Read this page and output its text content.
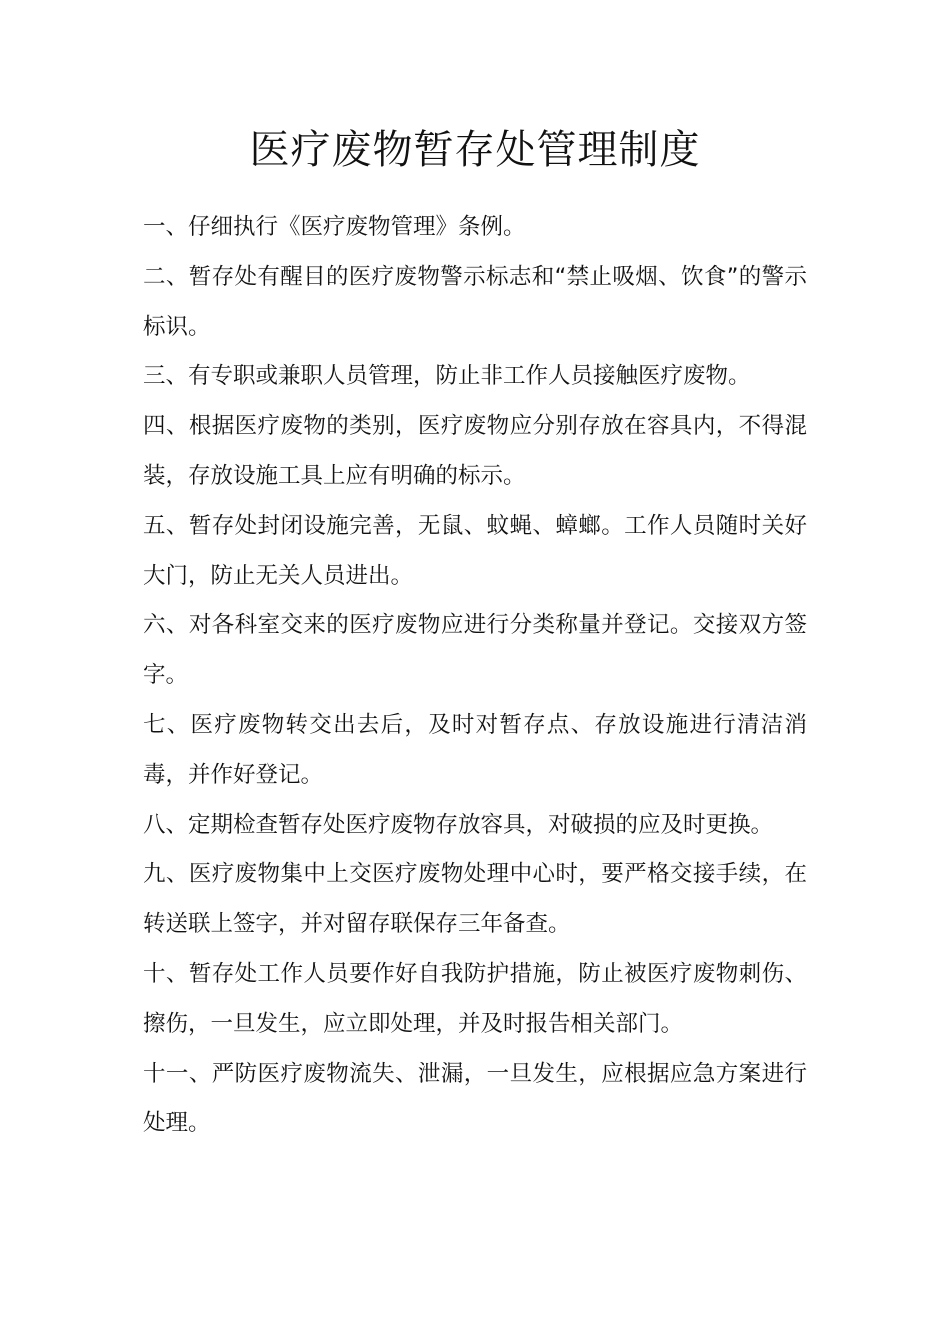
医疗废物暂存处管理制度

一、仔细执行《医疗废物管理》条例。

二、暂存处有醒目的医疗废物警示标志和“禁止吸烟、饮食”的警示标识。

三、有专职或兼职人员管理，防止非工作人员接触医疗废物。

四、根据医疗废物的类别，医疗废物应分别存放在容具内，不得混装，存放设施工具上应有明确的标示。

五、暂存处封闭设施完善，无鼠、蚊蝇、蟑螂。工作人员随时关好大门，防止无关人员进出。

六、对各科室交来的医疗废物应进行分类称量并登记。交接双方签字。

七、医疗废物转交出去后，及时对暂存点、存放设施进行清洁消毒，并作好登记。

八、定期检查暂存处医疗废物存放容具，对破损的应及时更换。

九、医疗废物集中上交医疗废物处理中心时，要严格交接手续，在转送联上签字，并对留存联保存三年备查。

十、暂存处工作人员要作好自我防护措施，防止被医疗废物刺伤、擦伤，一旦发生，应立即处理，并及时报告相关部门。

十一、严防医疗废物流失、泄漏，一旦发生，应根据应急方案进行处理。
